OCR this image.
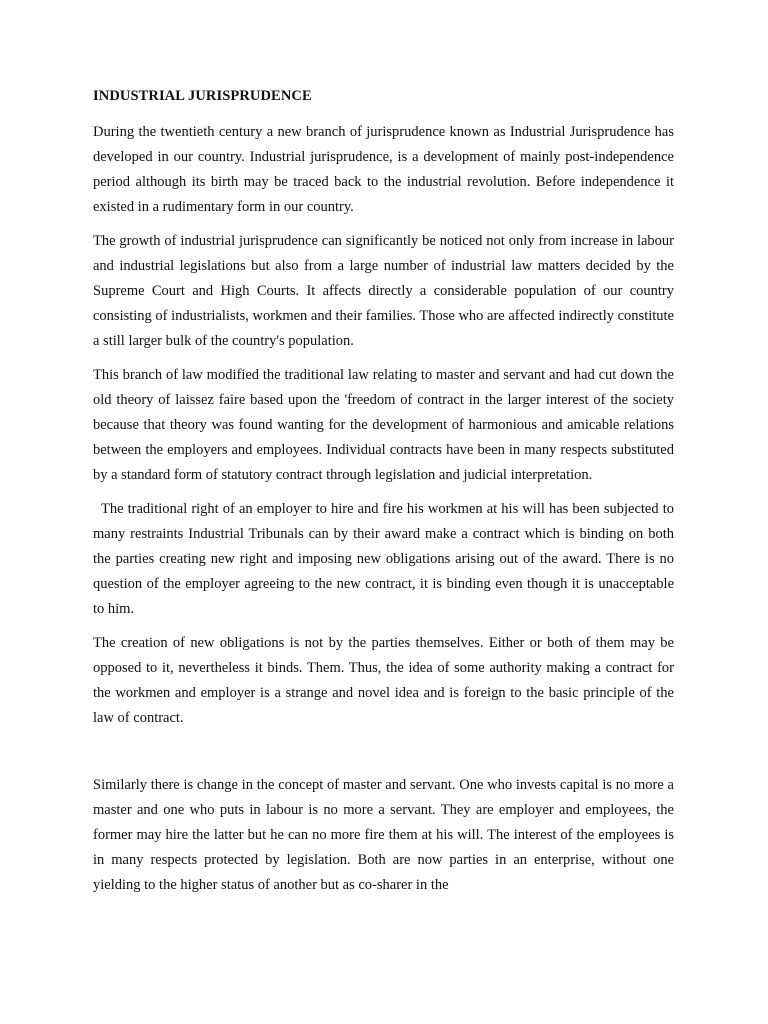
INDUSTRIAL JURISPRUDENCE

During the twentieth century a new branch of jurisprudence known as Industrial Jurisprudence has developed in our country. Industrial jurisprudence, is a development of mainly post-independence period although its birth may be traced back to the industrial revolution. Before independence it existed in a rudimentary form in our country.

The growth of industrial jurisprudence can significantly be noticed not only from increase in labour and industrial legislations but also from a large number of industrial law matters decided by the Supreme Court and High Courts. It affects directly a considerable population of our country consisting of industrialists, workmen and their families. Those who are affected indirectly constitute a still larger bulk of the country's population.

This branch of law modified the traditional law relating to master and servant and had cut down the old theory of laissez faire based upon the 'freedom of contract in the larger interest of the society because that theory was found wanting for the development of harmonious and amicable relations between the employers and employees. Individual contracts have been in many respects substituted by a standard form of statutory contract through legislation and judicial interpretation.

The traditional right of an employer to hire and fire his workmen at his will has been subjected to many restraints Industrial Tribunals can by their award make a contract which is binding on both the parties creating new right and imposing new obligations arising out of the award. There is no question of the employer agreeing to the new contract, it is binding even though it is unacceptable to him.

The creation of new obligations is not by the parties themselves. Either or both of them may be opposed to it, nevertheless it binds. Them. Thus, the idea of some authority making a contract for the workmen and employer is a strange and novel idea and is foreign to the basic principle of the law of contract.

Similarly there is change in the concept of master and servant. One who invests capital is no more a master and one who puts in labour is no more a servant. They are employer and employees, the former may hire the latter but he can no more fire them at his will. The interest of the employees is in many respects protected by legislation. Both are now parties in an enterprise, without one yielding to the higher status of another but as co-sharer in the
